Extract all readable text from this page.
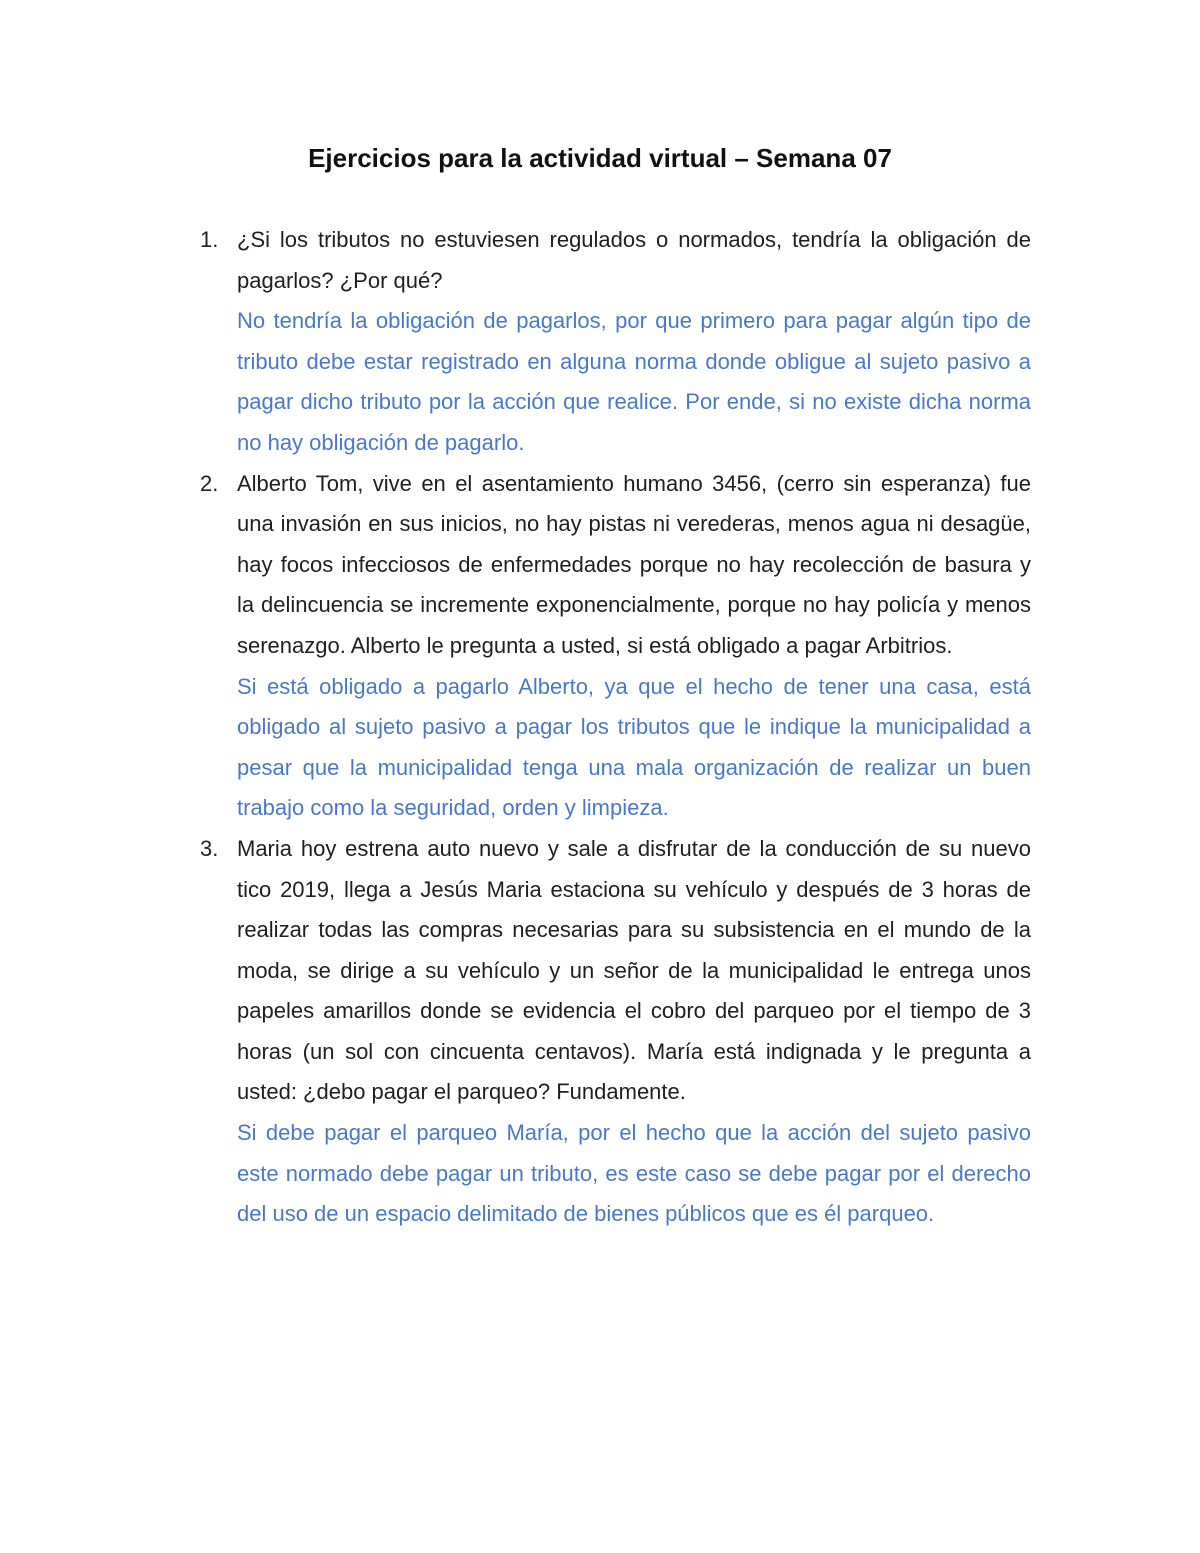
Ejercicios para la actividad virtual – Semana 07
1. ¿Si los tributos no estuviesen regulados o normados, tendría la obligación de pagarlos? ¿Por qué?

No tendría la obligación de pagarlos, por que primero para pagar algún tipo de tributo debe estar registrado en alguna norma donde obligue al sujeto pasivo a pagar dicho tributo por la acción que realice. Por ende, si no existe dicha norma no hay obligación de pagarlo.

2. Alberto Tom, vive en el asentamiento humano 3456, (cerro sin esperanza) fue una invasión en sus inicios, no hay pistas ni verederas, menos agua ni desagüe, hay focos infecciosos de enfermedades porque no hay recolección de basura y la delincuencia se incremente exponencialmente, porque no hay policía y menos serenazgo. Alberto le pregunta a usted, si está obligado a pagar Arbitrios.

Si está obligado a pagarlo Alberto, ya que el hecho de tener una casa, está obligado al sujeto pasivo a pagar los tributos que le indique la municipalidad a pesar que la municipalidad tenga una mala organización de realizar un buen trabajo como la seguridad, orden y limpieza.

3. Maria hoy estrena auto nuevo y sale a disfrutar de la conducción de su nuevo tico 2019, llega a Jesús Maria estaciona su vehículo y después de 3 horas de realizar todas las compras necesarias para su subsistencia en el mundo de la moda, se dirige a su vehículo y un señor de la municipalidad le entrega unos papeles amarillos donde se evidencia el cobro del parqueo por el tiempo de 3 horas (un sol con cincuenta centavos). María está indignada y le pregunta a usted: ¿debo pagar el parqueo? Fundamente.

Si debe pagar el parqueo María, por el hecho que la acción del sujeto pasivo este normado debe pagar un tributo, es este caso se debe pagar por el derecho del uso de un espacio delimitado de bienes públicos que es él parqueo.
